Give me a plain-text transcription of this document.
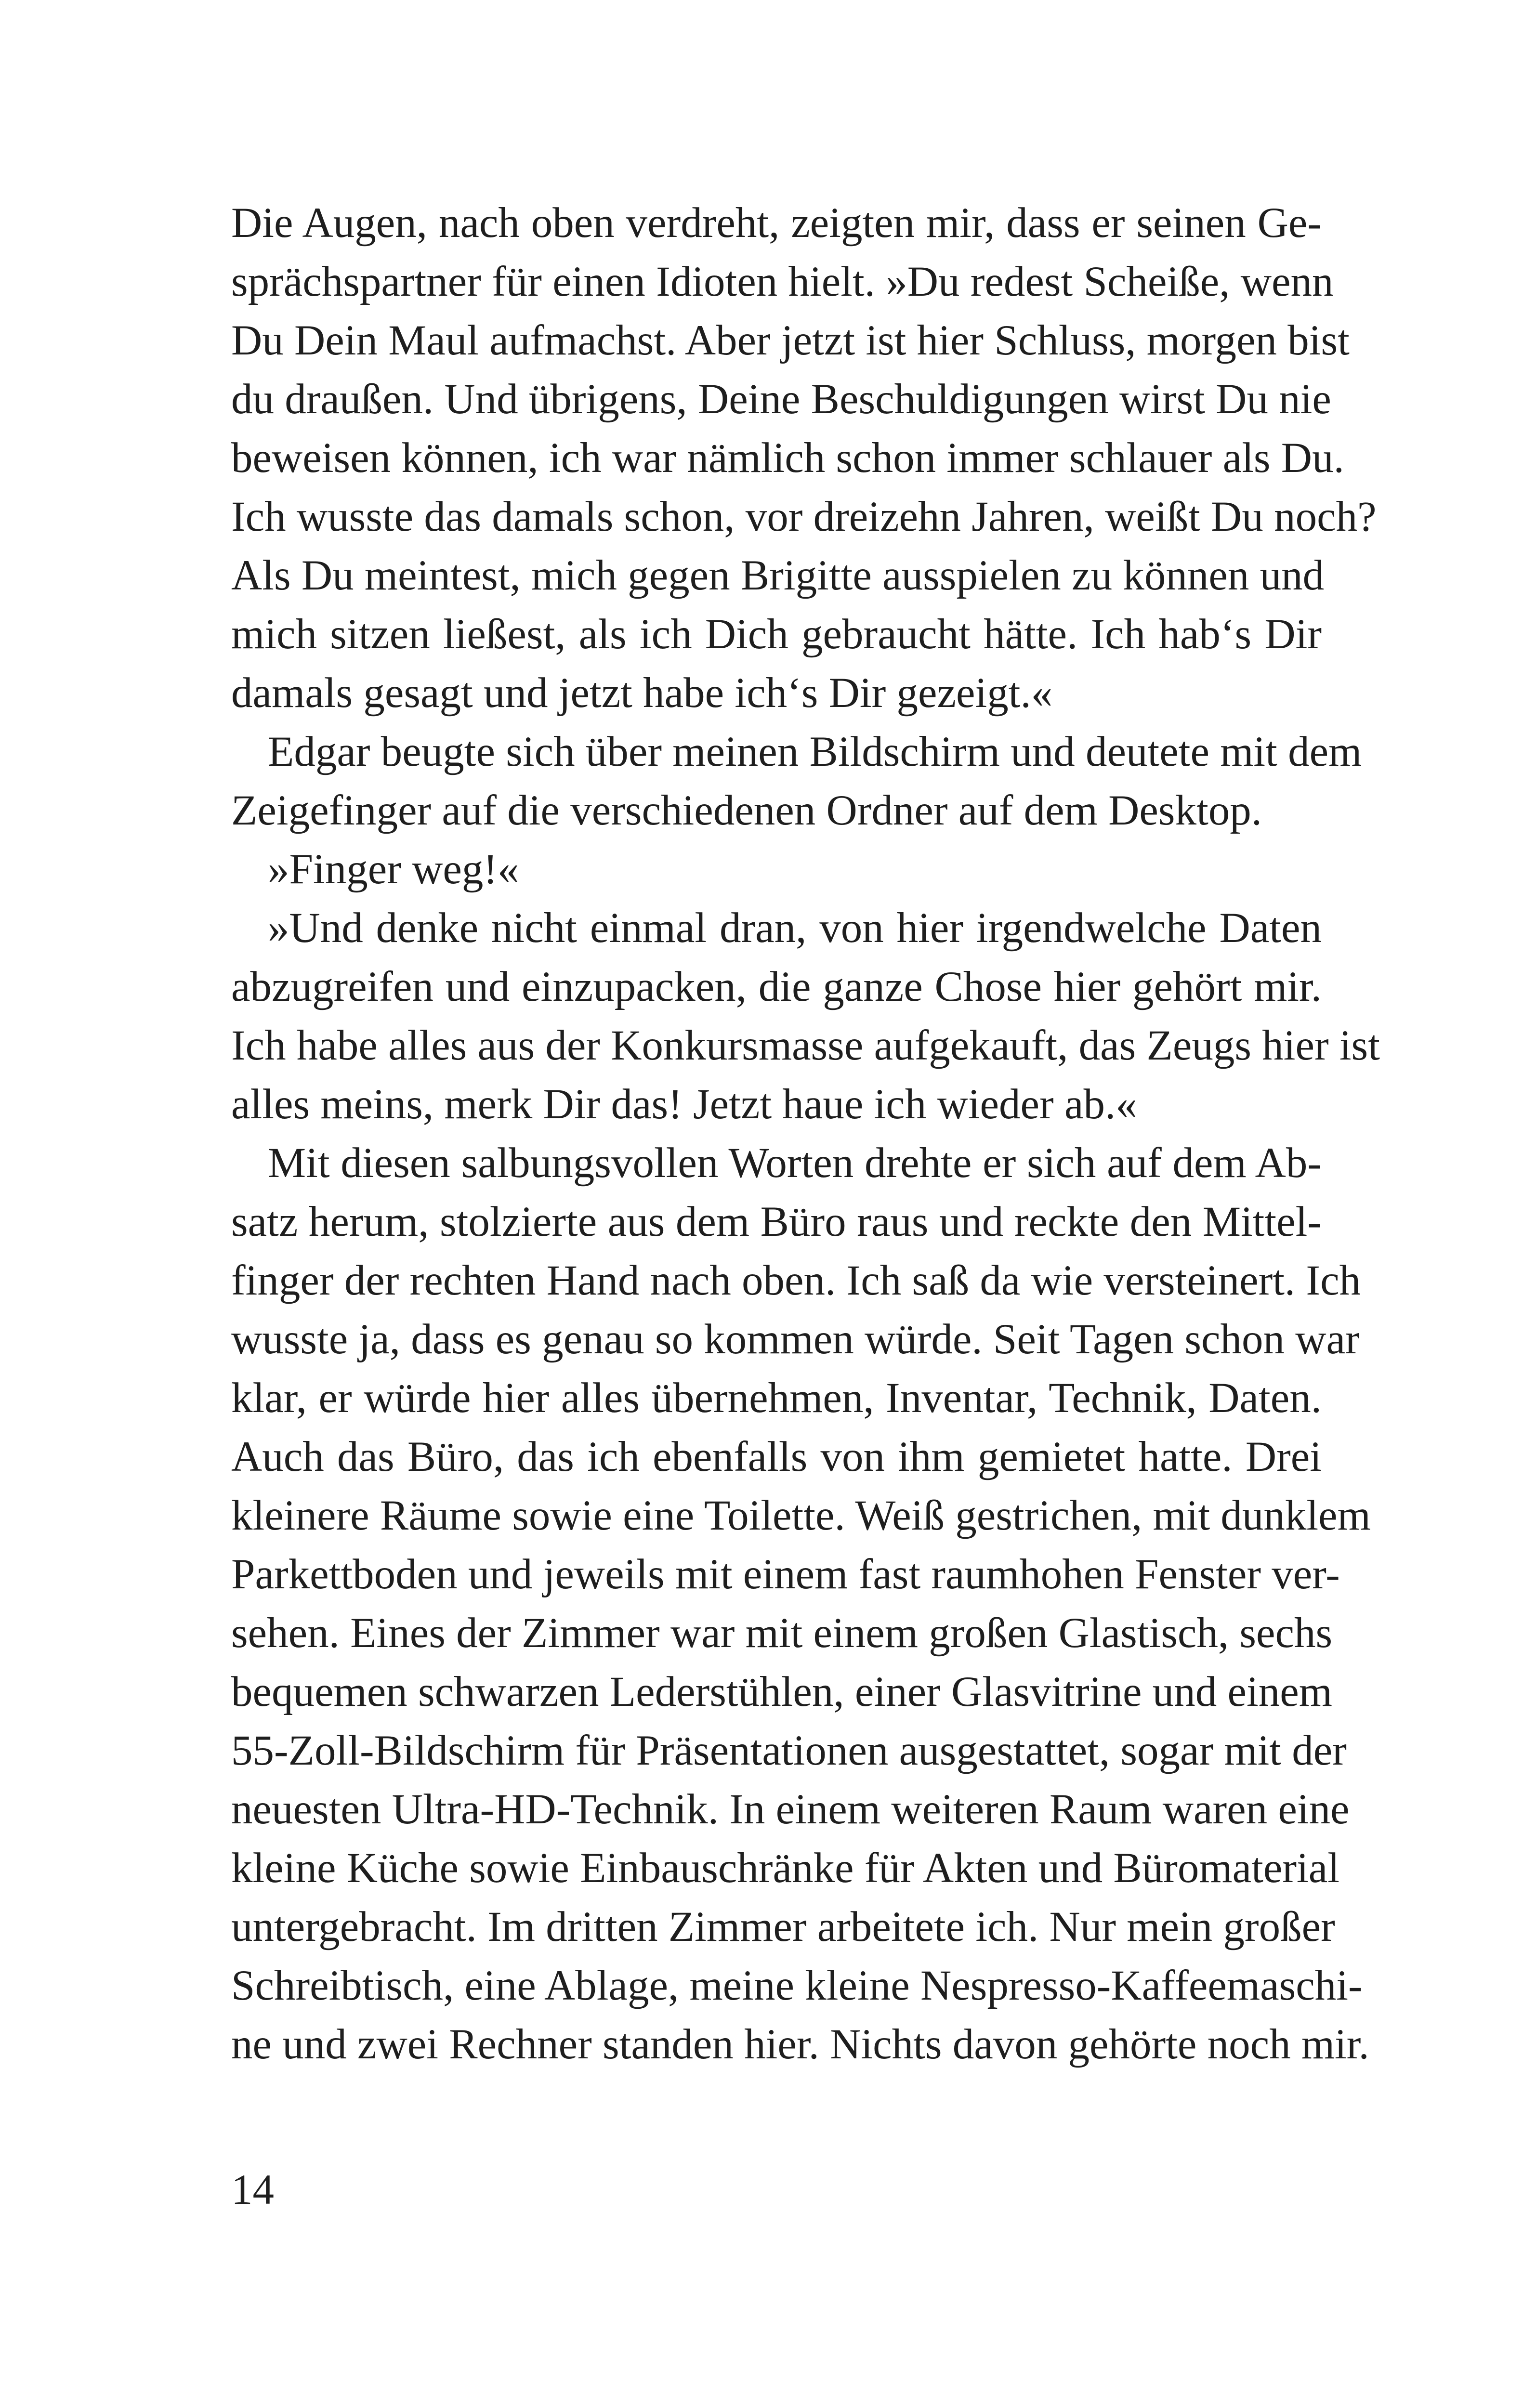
Die Augen, nach oben verdreht, zeigten mir, dass er seinen Ge-
sprächspartner für einen Idioten hielt. »Du redest Scheiße, wenn
Du Dein Maul aufmachst. Aber jetzt ist hier Schluss, morgen bist
du draußen. Und übrigens, Deine Beschuldigungen wirst Du nie
beweisen können, ich war nämlich schon immer schlauer als Du.
Ich wusste das damals schon, vor dreizehn Jahren, weißt Du noch?
Als Du meintest, mich gegen Brigitte ausspielen zu können und
mich sitzen ließest, als ich Dich gebraucht hätte. Ich hab‘s Dir
damals gesagt und jetzt habe ich‘s Dir gezeigt.«
Edgar beugte sich über meinen Bildschirm und deutete mit dem
Zeigefinger auf die verschiedenen Ordner auf dem Desktop.
»Finger weg!«
»Und denke nicht einmal dran, von hier irgendwelche Daten
abzugreifen und einzupacken, die ganze Chose hier gehört mir.
Ich habe alles aus der Konkursmasse aufgekauft, das Zeugs hier ist
alles meins, merk Dir das! Jetzt haue ich wieder ab.«
Mit diesen salbungsvollen Worten drehte er sich auf dem Ab-
satz herum, stolzierte aus dem Büro raus und reckte den Mittel-
finger der rechten Hand nach oben. Ich saß da wie versteinert. Ich
wusste ja, dass es genau so kommen würde. Seit Tagen schon war
klar, er würde hier alles übernehmen, Inventar, Technik, Daten.
Auch das Büro, das ich ebenfalls von ihm gemietet hatte. Drei
kleinere Räume sowie eine Toilette. Weiß gestrichen, mit dunklem
Parkettboden und jeweils mit einem fast raumhohen Fenster ver-
sehen. Eines der Zimmer war mit einem großen Glastisch, sechs
bequemen schwarzen Lederstühlen, einer Glasvitrine und einem
55-Zoll-Bildschirm für Präsentationen ausgestattet, sogar mit der
neuesten Ultra-HD-Technik. In einem weiteren Raum waren eine
kleine Küche sowie Einbauschränke für Akten und Büromaterial
untergebracht. Im dritten Zimmer arbeitete ich. Nur mein großer
Schreibtisch, eine Ablage, meine kleine Nespresso-Kaffeemaschi-
ne und zwei Rechner standen hier. Nichts davon gehörte noch mir.
14
